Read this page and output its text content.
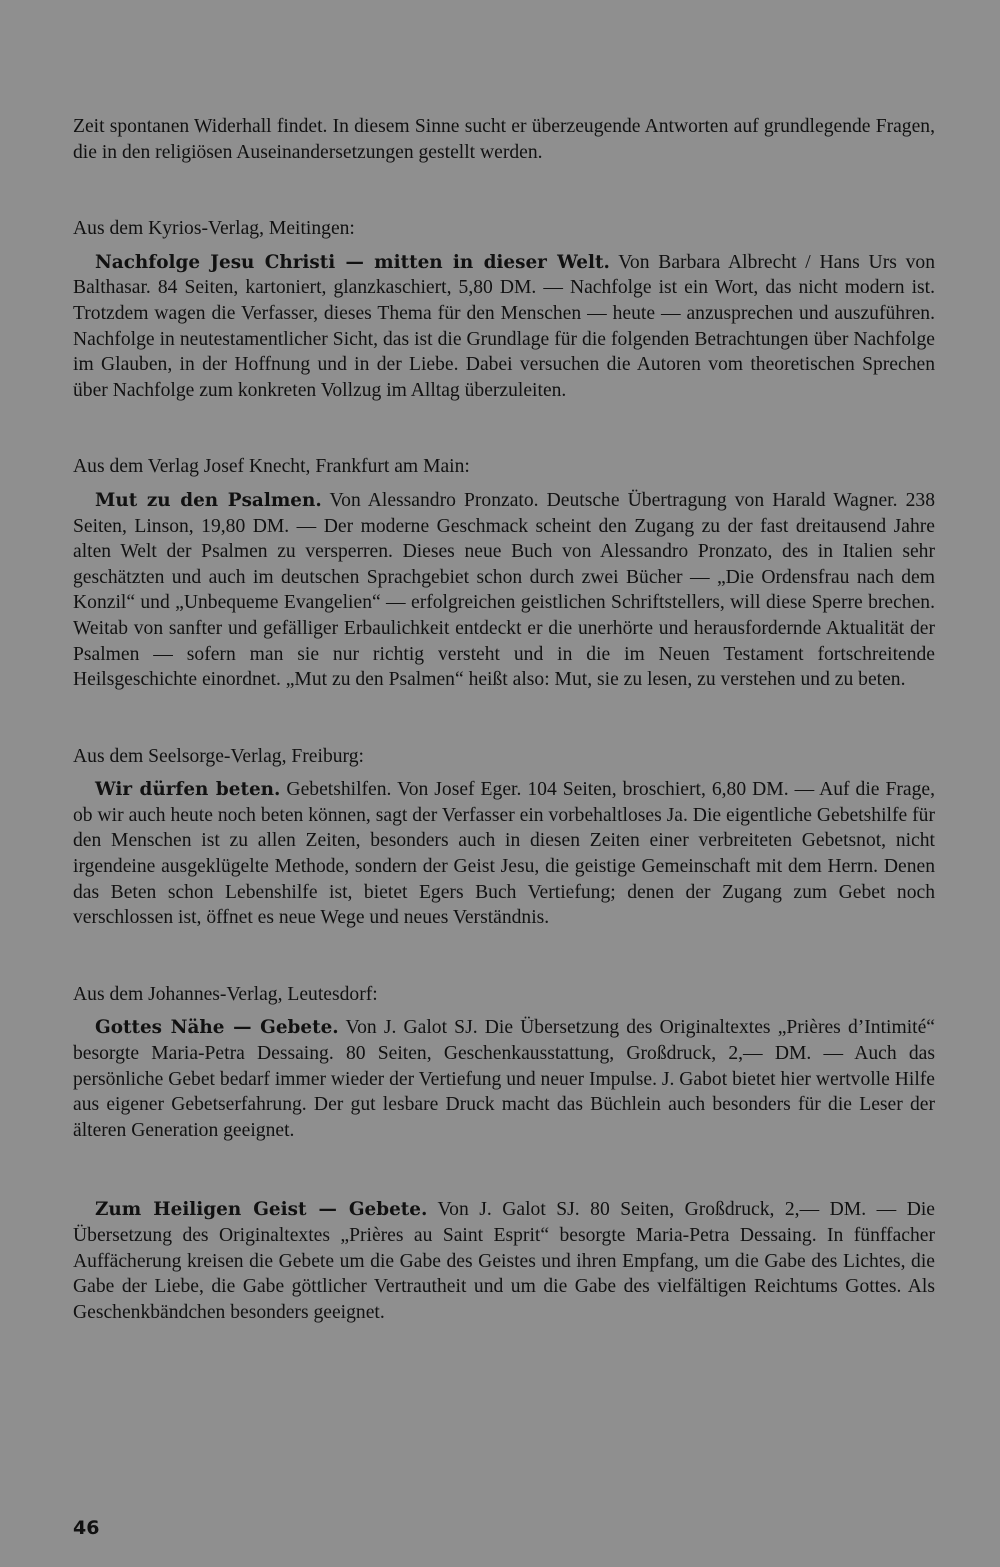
Zeit spontanen Widerhall findet. In diesem Sinne sucht er überzeugende Antworten auf grundlegende Fragen, die in den religiösen Auseinandersetzungen gestellt werden.

Aus dem Kyrios-Verlag, Meitingen:

Nachfolge Jesu Christi — mitten in dieser Welt. Von Barbara Albrecht / Hans Urs von Balthasar. 84 Seiten, kartoniert, glanzkaschiert, 5,80 DM. — Nachfolge ist ein Wort, das nicht modern ist. Trotzdem wagen die Verfasser, dieses Thema für den Menschen — heute — anzusprechen und auszuführen. Nachfolge in neutestamentlicher Sicht, das ist die Grundlage für die folgenden Betrachtungen über Nachfolge im Glauben, in der Hoffnung und in der Liebe. Dabei versuchen die Autoren vom theoretischen Sprechen über Nachfolge zum konkreten Vollzug im Alltag überzuleiten.

Aus dem Verlag Josef Knecht, Frankfurt am Main:

Mut zu den Psalmen. Von Alessandro Pronzato. Deutsche Übertragung von Harald Wagner. 238 Seiten, Linson, 19,80 DM. — Der moderne Geschmack scheint den Zugang zu der fast dreitausend Jahre alten Welt der Psalmen zu versperren. Dieses neue Buch von Alessandro Pronzato, des in Italien sehr geschätzten und auch im deutschen Sprachgebiet schon durch zwei Bücher — „Die Ordensfrau nach dem Konzil“ und „Unbequeme Evangelien“ — erfolgreichen geistlichen Schriftstellers, will diese Sperre brechen. Weitab von sanfter und gefälliger Erbaulichkeit entdeckt er die unerhörte und herausfordernde Aktualität der Psalmen — sofern man sie nur richtig versteht und in die im Neuen Testament fortschreitende Heilsgeschichte einordnet. „Mut zu den Psalmen“ heißt also: Mut, sie zu lesen, zu verstehen und zu beten.

Aus dem Seelsorge-Verlag, Freiburg:

Wir dürfen beten. Gebetshilfen. Von Josef Eger. 104 Seiten, broschiert, 6,80 DM. — Auf die Frage, ob wir auch heute noch beten können, sagt der Verfasser ein vorbehaltloses Ja. Die eigentliche Gebetshilfe für den Menschen ist zu allen Zeiten, besonders auch in diesen Zeiten einer verbreiteten Gebetsnot, nicht irgendeine ausgeklügelte Methode, sondern der Geist Jesu, die geistige Gemeinschaft mit dem Herrn. Denen das Beten schon Lebenshilfe ist, bietet Egers Buch Vertiefung; denen der Zugang zum Gebet noch verschlossen ist, öffnet es neue Wege und neues Verständnis.

Aus dem Johannes-Verlag, Leutesdorf:

Gottes Nähe — Gebete. Von J. Galot SJ. Die Übersetzung des Originaltextes „Prières d’Intimité“ besorgte Maria-Petra Dessaing. 80 Seiten, Geschenkausstattung, Großdruck, 2,— DM. — Auch das persönliche Gebet bedarf immer wieder der Vertiefung und neuer Impulse. J. Gabot bietet hier wertvolle Hilfe aus eigener Gebetserfahrung. Der gut lesbare Druck macht das Büchlein auch besonders für die Leser der älteren Generation geeignet.

Zum Heiligen Geist — Gebete. Von J. Galot SJ. 80 Seiten, Großdruck, 2,— DM. — Die Übersetzung des Originaltextes „Prières au Saint Esprit“ besorgte Maria-Petra Dessaing. In fünffacher Auffächerung kreisen die Gebete um die Gabe des Geistes und ihren Empfang, um die Gabe des Lichtes, die Gabe der Liebe, die Gabe göttlicher Vertrautheit und um die Gabe des vielfältigen Reichtums Gottes. Als Geschenkbändchen besonders geeignet.

46
